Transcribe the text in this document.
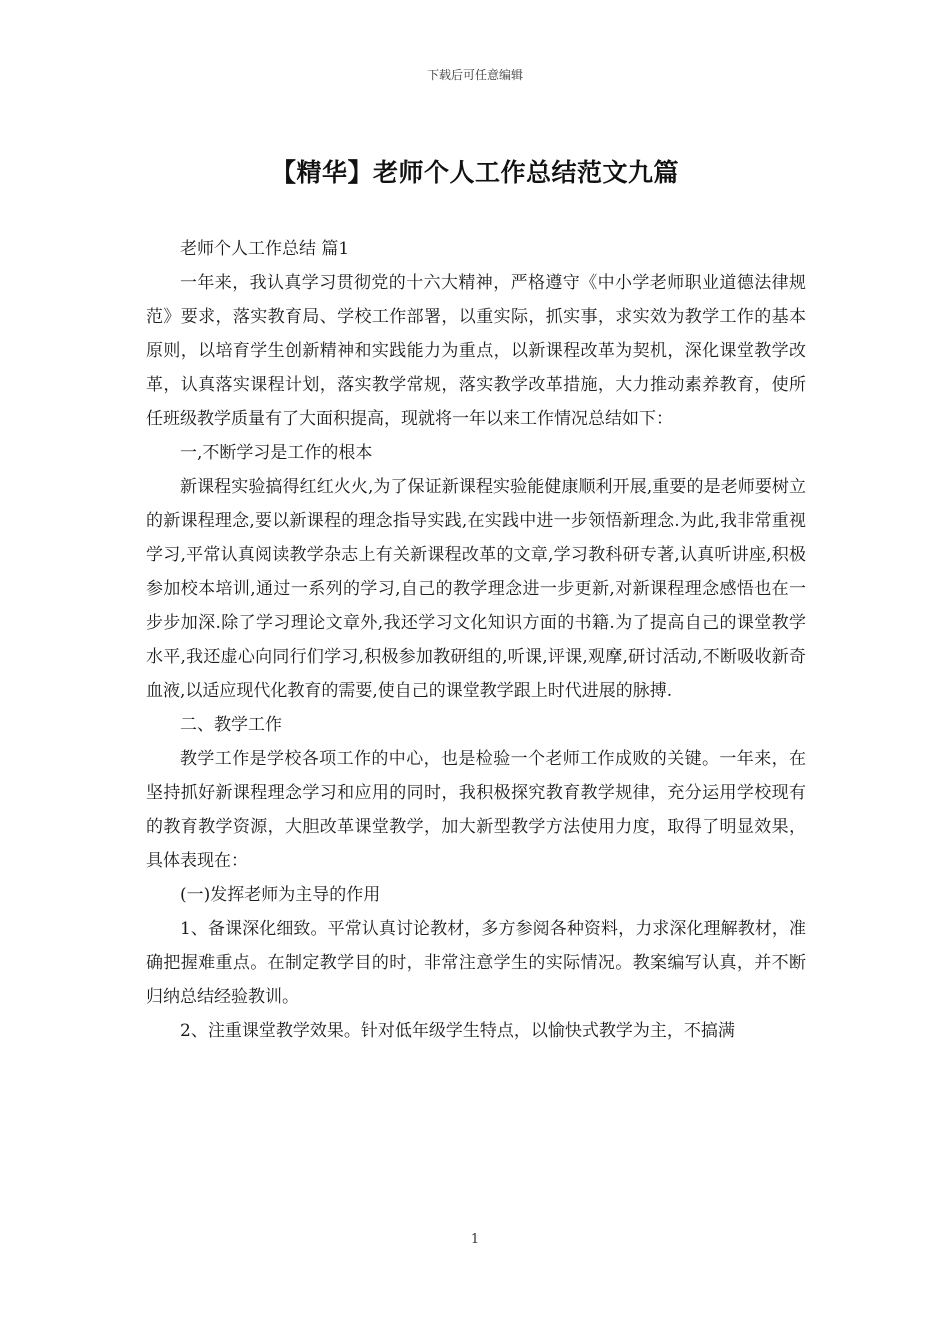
下载后可任意编辑
【精华】老师个人工作总结范文九篇

老师个人工作总结 篇1

一年来，我认真学习贯彻党的十六大精神，严格遵守《中小学老师职业道德法律规范》要求，落实教育局、学校工作部署，以重实际，抓实事，求实效为教学工作的基本原则，以培育学生创新精神和实践能力为重点，以新课程改革为契机，深化课堂教学改革，认真落实课程计划，落实教学常规，落实教学改革措施，大力推动素养教育，使所任班级教学质量有了大面积提高，现就将一年以来工作情况总结如下：

一,不断学习是工作的根本

新课程实验搞得红红火火,为了保证新课程实验能健康顺利开展,重要的是老师要树立的新课程理念,要以新课程的理念指导实践,在实践中进一步领悟新理念.为此,我非常重视学习,平常认真阅读教学杂志上有关新课程改革的文章,学习教科研专著,认真听讲座,积极参加校本培训,通过一系列的学习,自己的教学理念进一步更新,对新课程理念感悟也在一步步加深.除了学习理论文章外,我还学习文化知识方面的书籍.为了提高自己的课堂教学水平,我还虚心向同行们学习,积极参加教研组的,听课,评课,观摩,研讨活动,不断吸收新奇血液,以适应现代化教育的需要,使自己的课堂教学跟上时代进展的脉搏.

二、教学工作

教学工作是学校各项工作的中心，也是检验一个老师工作成败的关键。一年来，在坚持抓好新课程理念学习和应用的同时，我积极探究教育教学规律，充分运用学校现有的教育教学资源，大胆改革课堂教学，加大新型教学方法使用力度，取得了明显效果，具体表现在：

(一)发挥老师为主导的作用

1、备课深化细致。平常认真讨论教材，多方参阅各种资料，力求深化理解教材，准确把握难重点。在制定教学目的时，非常注意学生的实际情况。教案编写认真，并不断归纳总结经验教训。

2、注重课堂教学效果。针对低年级学生特点，以愉快式教学为主，不搞满

1
